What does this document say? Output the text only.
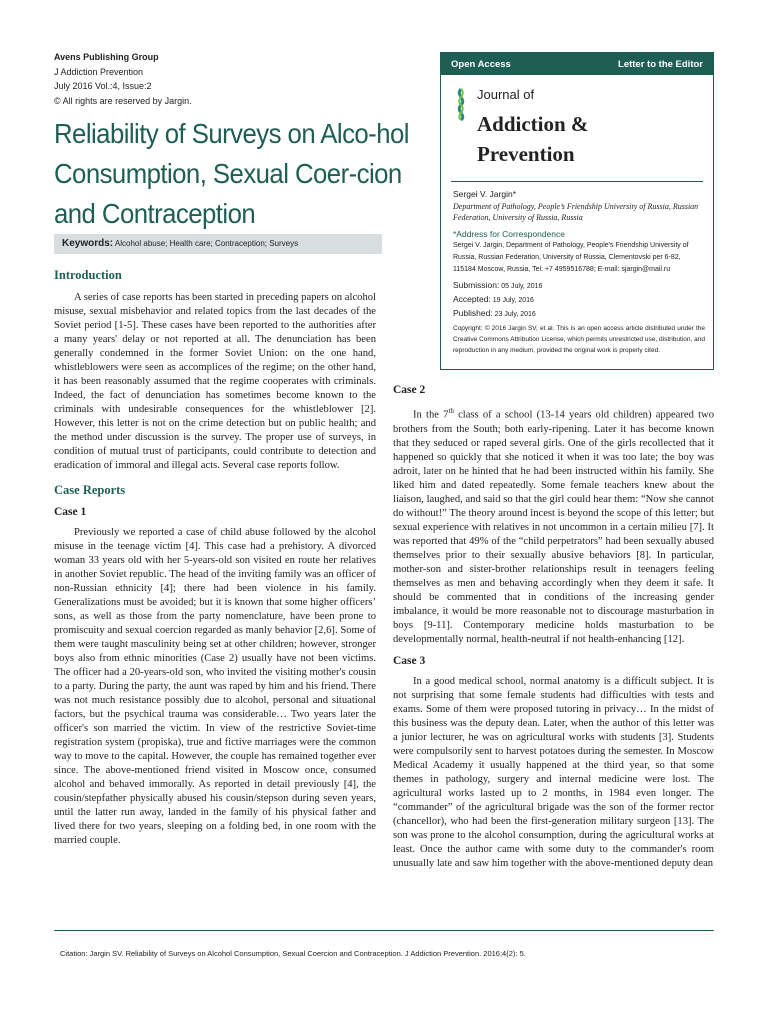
Avens Publishing Group
J Addiction Prevention
July 2016 Vol.:4, Issue:2
© All rights are reserved by Jargin.
Reliability of Surveys on Alco-hol Consumption, Sexual Coer-cion and Contraception
Keywords: Alcohol abuse; Health care; Contraception; Surveys
Open Access	Letter to the Editor
Journal of
Addiction &
Prevention
Sergei V. Jargin*
Department of Pathology, People’s Friendship University of Russia, Russian Federation, University of Russia, Russia
*Address for Correspondence
Sergei V. Jargin, Department of Pathology, People's Friendship University of Russia, Russian Federation, University of Russia, Clementovski per 6-82, 115184 Moscow, Russia, Tel: +7 4959516788; E-mail: sjargin@mail.ru
Submission: 05 July, 2016
Accepted: 19 July, 2016
Published: 23 July, 2016
Copyright: © 2016 Jargin SV, et al. This is an open access article distributed under the Creative Commons Attribution License, which permits unrestricted use, distribution, and reproduction in any medium, provided the original work is properly cited.
Introduction

A series of case reports has been started in preceding papers on alcohol misuse, sexual misbehavior and related topics from the last decades of the Soviet period [1-5]. These cases have been reported to the authorities after a many years' delay or not reported at all. The denunciation has been generally condemned in the former Soviet Union: on the one hand, whistleblowers were seen as accomplices of the regime; on the other hand, it has been reasonably assumed that the regime cooperates with criminals. Indeed, the fact of denunciation has sometimes become known to the criminals with undesirable consequences for the whistleblower [2]. However, this letter is not on the crime detection but on public health; and the method under discussion is the survey. The proper use of surveys, in condition of mutual trust of participants, could contribute to detection and eradication of immoral and illegal acts. Several case reports follow.

Case Reports
Case 1

Previously we reported a case of child abuse followed by the alcohol misuse in the teenage victim [4]. This case had a prehistory. A divorced woman 33 years old with her 5-years-old son visited en route her relatives in another Soviet republic. The head of the inviting family was an officer of non-Russian ethnicity [4]; there had been violence in his family. Generalizations must be avoided; but it is known that some higher officers’ sons, as well as those from the party nomenclature, have been prone to promiscuity and sexual coercion regarded as manly behavior [2,6]. Some of them were taught masculinity being set at other children; however, stronger boys also from ethnic minorities (Case 2) usually have not been victims. The officer had a 20-years-old son, who invited the visiting mother's cousin to a party. During the party, the aunt was raped by him and his friend. There was not much resistance possibly due to alcohol, personal and situational factors, but the psychical trauma was considerable… Two years later the officer's son married the victim. In view of the restrictive Soviet-time registration system (propiska), true and fictive marriages were the common way to move to the capital. However, the couple has remained together ever since. The above-mentioned friend visited in Moscow once, consumed alcohol and behaved immorally. As reported in detail previously [4], the cousin/stepfather physically abused his cousin/stepson during seven years, until the latter run away, landed in the family of his physical father and lived there for two years, sleeping on a folding bed, in one room with the married couple.

Case 2

In the 7th class of a school (13-14 years old children) appeared two brothers from the South; both early-ripening. Later it has become known that they seduced or raped several girls. One of the girls recollected that it happened so quickly that she noticed it when it was too late; the boy was adroit, later on he hinted that he had been instructed within his family. She liked him and dated repeatedly. Some female teachers knew about the liaison, laughed, and said so that the girl could hear them: “Now she cannot do without!” The theory around incest is beyond the scope of this letter; but sexual experience with relatives in not uncommon in a certain milieu [7]. It was reported that 49% of the “child perpetrators” had been sexually abused themselves prior to their sexually abusive behaviors [8]. In particular, mother-son and sister-brother relationships result in teenagers feeling themselves as men and behaving accordingly when they deem it safe. It should be commented that in conditions of the increasing gender imbalance, it would be more reasonable not to discourage masturbation in boys [9-11]. Contemporary medicine holds masturbation to be developmentally normal, health-neutral if not health-enhancing [12].

Case 3

In a good medical school, normal anatomy is a difficult subject. It is not surprising that some female students had difficulties with tests and exams. Some of them were proposed tutoring in privacy… In the midst of this business was the deputy dean. Later, when the author of this letter was a junior lecturer, he was on agricultural works with students [3]. Students were compulsorily sent to harvest potatoes during the semester. In Moscow Medical Academy it usually happened at the third year, so that some themes in pathology, surgery and internal medicine were lost. The agricultural works lasted up to 2 months, in 1984 even longer. The “commander” of the agricultural brigade was the son of the former rector (chancellor), who had been the first-generation military surgeon [13]. The son was prone to the alcohol consumption, during the agricultural works at least. Once the author came with some duty to the commander's room unusually late and saw him together with the above-mentioned deputy dean

Citation: Jargin SV. Reliability of Surveys on Alcohol Consumption, Sexual Coercion and Contraception. J Addiction Prevention. 2016;4(2): 5.
